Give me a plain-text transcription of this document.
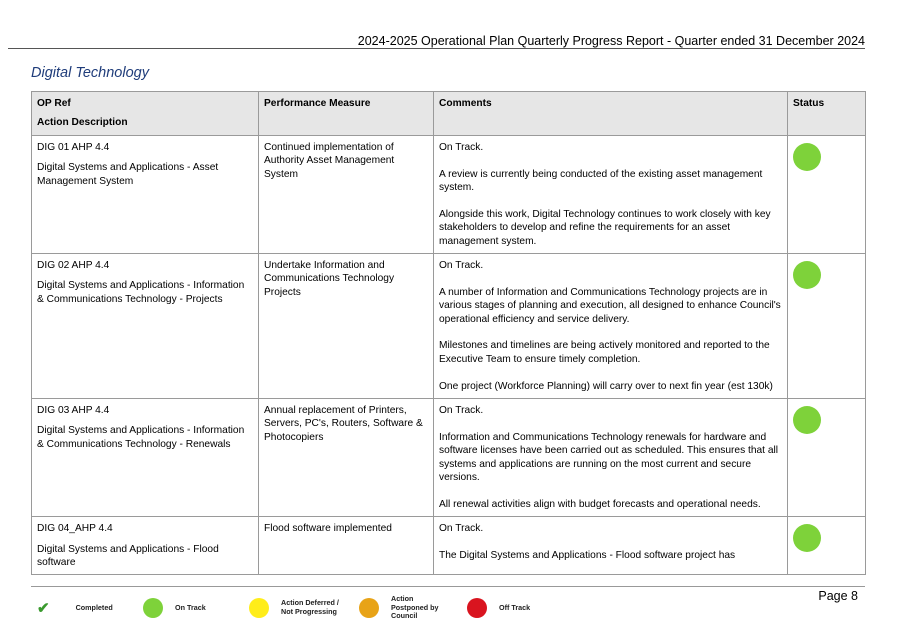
2024-2025 Operational Plan Quarterly Progress Report - Quarter ended 31 December 2024
Digital Technology
OP Ref
Action Description	Performance Measure	Comments	Status

DIG 01 AHP 4.4
Digital Systems and Applications - Asset Management System	Continued implementation of Authority Asset Management System	On Track.
A review is currently being conducted of the existing asset management system.
Alongside this work, Digital Technology continues to work closely with key stakeholders to develop and refine the requirements for an asset management system.	

DIG 02 AHP 4.4
Digital Systems and Applications - Information & Communications Technology - Projects	Undertake Information and Communications Technology Projects	On Track.
A number of Information and Communications Technology projects are in various stages of planning and execution, all designed to enhance Council's operational efficiency and service delivery.
Milestones and timelines are being actively monitored and reported to the Executive Team to ensure timely completion.
One project (Workforce Planning) will carry over to next fin year (est 130k)	

DIG 03 AHP 4.4
Digital Systems and Applications - Information & Communications Technology - Renewals	Annual replacement of Printers, Servers, PC's, Routers, Software & Photocopiers	On Track.
Information and Communications Technology renewals for hardware and software licenses have been carried out as scheduled. This ensures that all systems and applications are running on the most current and secure versions.
All renewal activities align with budget forecasts and operational needs.	

DIG 04_AHP 4.4
Digital Systems and Applications - Flood software	Flood software implemented	On Track.
The Digital Systems and Applications - Flood software project has	

✔	Completed	On Track	Action Deferred / Not Progressing
Action Postponed by Council
Off Track
Page 8
